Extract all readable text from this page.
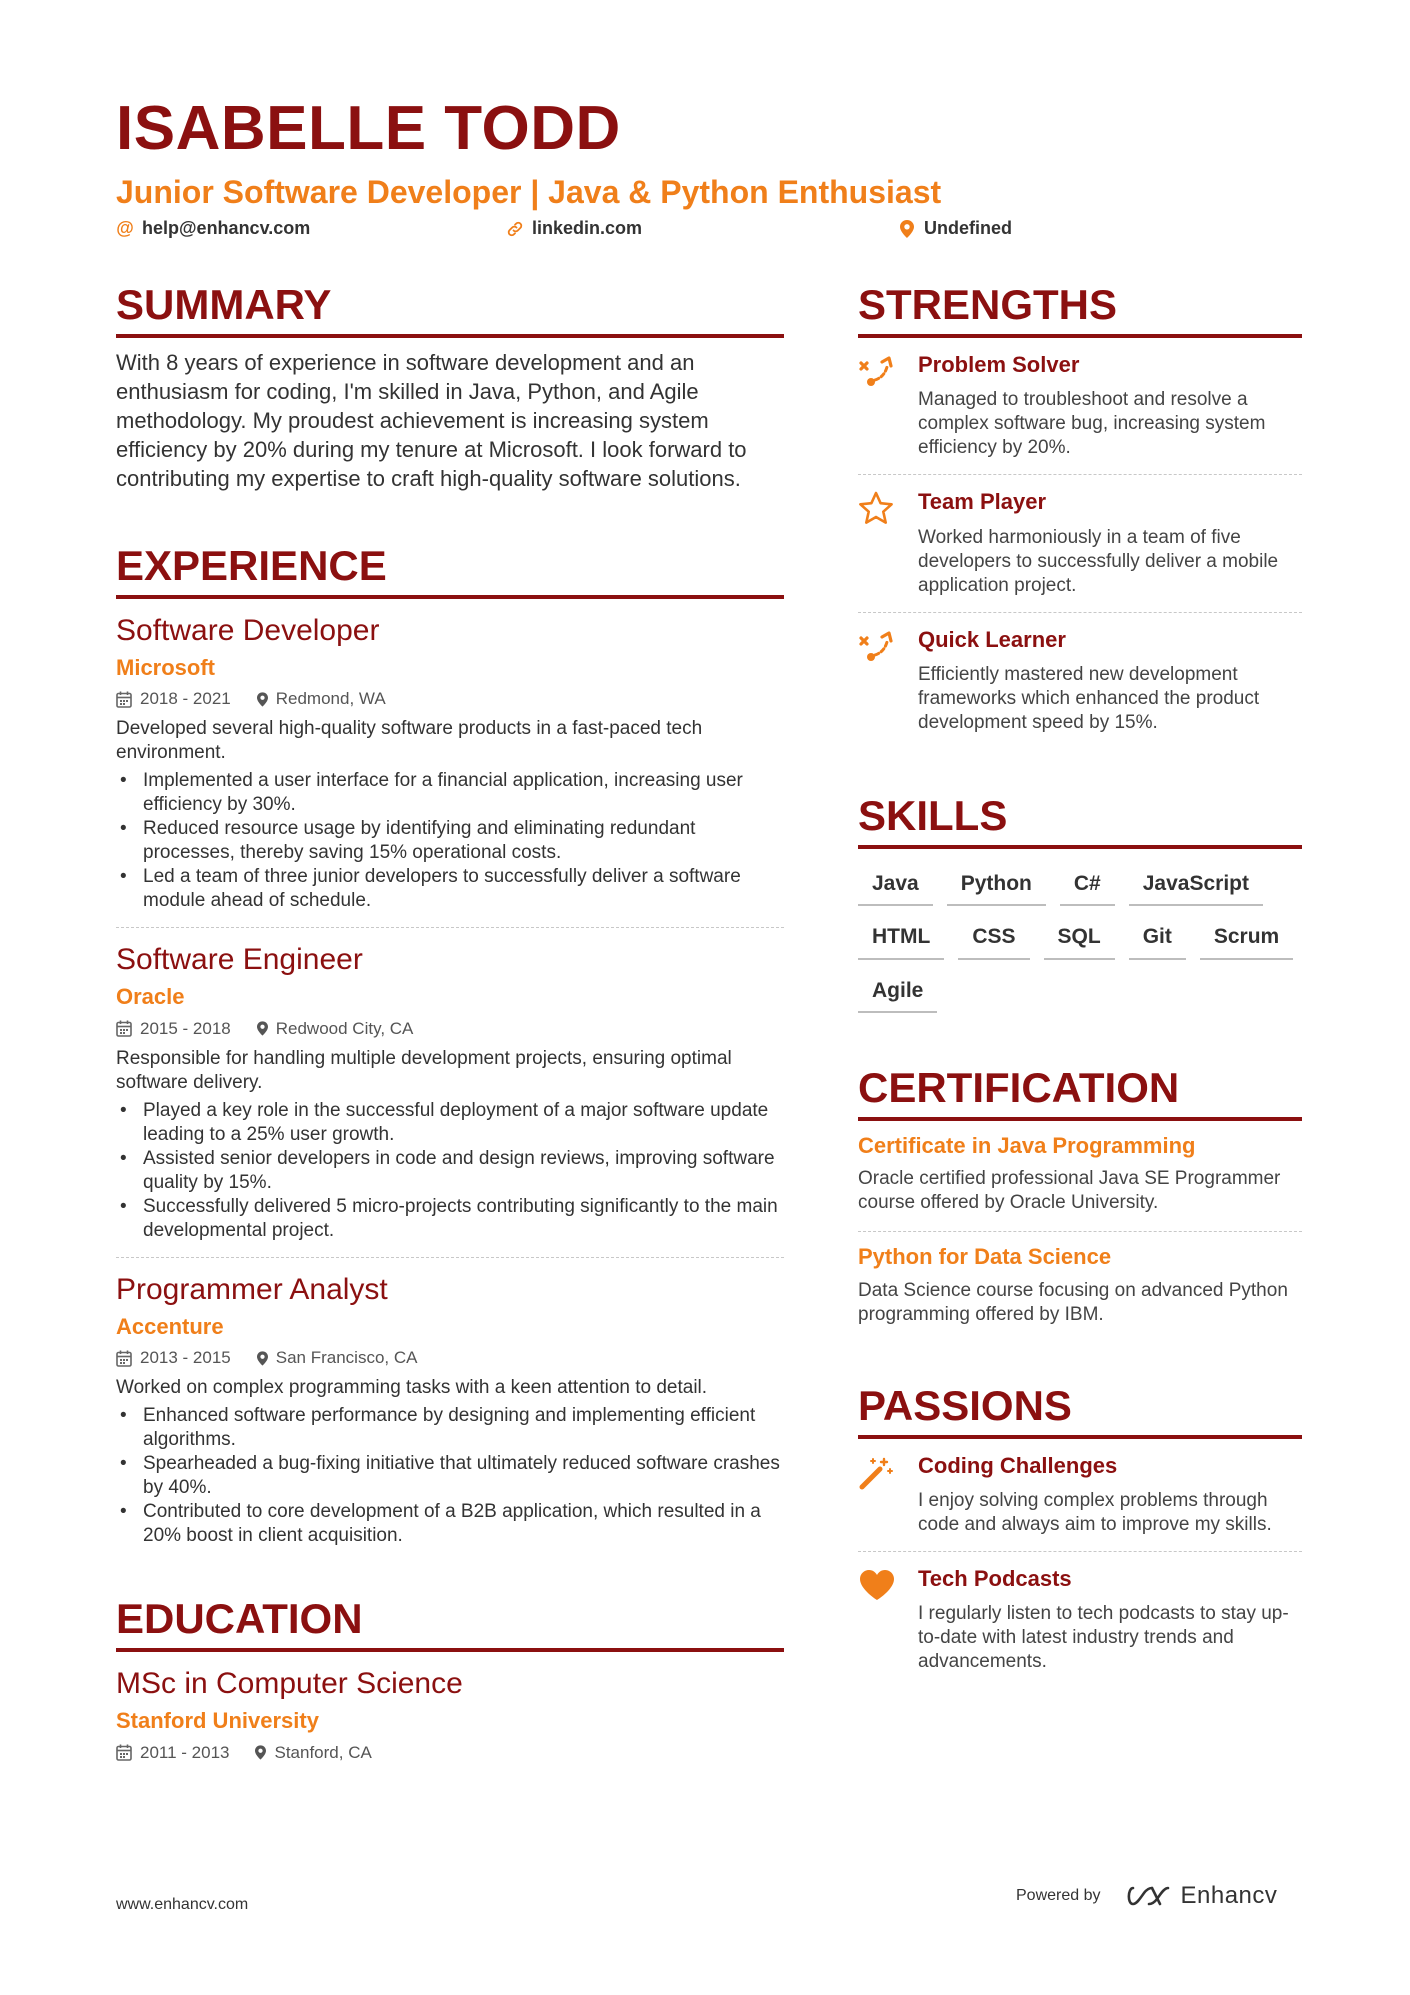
ISABELLE TODD
Junior Software Developer | Java & Python Enthusiast
@ help@enhancv.com	linkedin.com	Undefined
SUMMARY

With 8 years of experience in software development and an enthusiasm for coding, I'm skilled in Java, Python, and Agile methodology. My proudest achievement is increasing system efficiency by 20% during my tenure at Microsoft. I look forward to contributing my expertise to craft high-quality software solutions.

EXPERIENCE
Software Developer
Microsoft
2018 - 2021	Redmond, WA
Developed several high-quality software products in a fast-paced tech environment.
• Implemented a user interface for a financial application, increasing user efficiency by 30%.
• Reduced resource usage by identifying and eliminating redundant processes, thereby saving 15% operational costs.
• Led a team of three junior developers to successfully deliver a software module ahead of schedule.
Software Engineer
Oracle
2015 - 2018	Redwood City, CA
Responsible for handling multiple development projects, ensuring optimal software delivery.
• Played a key role in the successful deployment of a major software update leading to a 25% user growth.
• Assisted senior developers in code and design reviews, improving software quality by 15%.
• Successfully delivered 5 micro-projects contributing significantly to the main developmental project.
Programmer Analyst
Accenture
2013 - 2015	San Francisco, CA
Worked on complex programming tasks with a keen attention to detail.
• Enhanced software performance by designing and implementing efficient algorithms.
• Spearheaded a bug-fixing initiative that ultimately reduced software crashes by 40%.
• Contributed to core development of a B2B application, which resulted in a 20% boost in client acquisition.
EDUCATION
MSc in Computer Science
Stanford University
2011 - 2013	Stanford, CA
STRENGTHS
Problem Solver
Managed to troubleshoot and resolve a complex software bug, increasing system efficiency by 20%.
Team Player
Worked harmoniously in a team of five developers to successfully deliver a mobile application project.
Quick Learner
Efficiently mastered new development frameworks which enhanced the product development speed by 15%.
SKILLS
Java	Python	C#	JavaScript
HTML	CSS	SQL	Git	Scrum
Agile
CERTIFICATION
Certificate in Java Programming
Oracle certified professional Java SE Programmer course offered by Oracle University.
Python for Data Science
Data Science course focusing on advanced Python programming offered by IBM.
PASSIONS
Coding Challenges
I enjoy solving complex problems through code and always aim to improve my skills.
Tech Podcasts
I regularly listen to tech podcasts to stay up-to-date with latest industry trends and advancements.
www.enhancv.com
Powered by	Enhancv
